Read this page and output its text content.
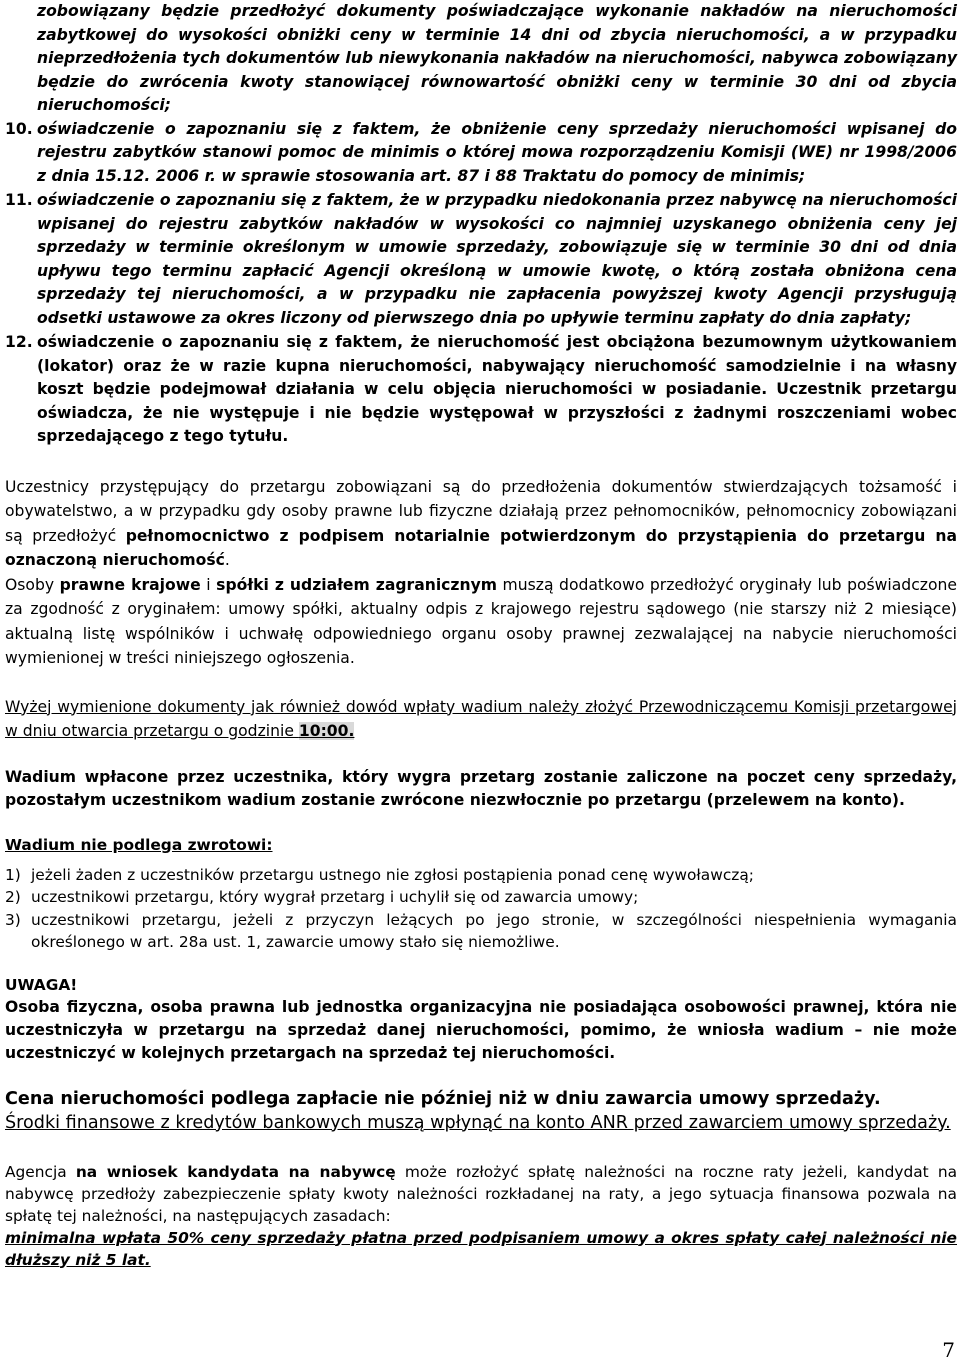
zobowiązany będzie przedłożyć dokumenty poświadczające wykonanie nakładów na nieruchomości zabytkowej do wysokości obniżki ceny w terminie 14 dni od zbycia nieruchomości, a w przypadku nieprzedłożenia tych dokumentów lub niewykonania nakładów na nieruchomości, nabywca zobowiązany będzie do zwrócenia kwoty stanowiącej równowartość obniżki ceny w terminie 30 dni od zbycia nieruchomości;

10. oświadczenie o zapoznaniu się z faktem, że obniżenie ceny sprzedaży nieruchomości wpisanej do rejestru zabytków stanowi pomoc de minimis o której mowa rozporządzeniu Komisji (WE) nr 1998/2006 z dnia 15.12. 2006 r. w sprawie stosowania art. 87 i 88 Traktatu do pomocy de minimis;
11. oświadczenie o zapoznaniu się z faktem, że w przypadku niedokonania przez nabywcę na nieruchomości wpisanej do rejestru zabytków nakładów w wysokości co najmniej uzyskanego obniżenia ceny jej sprzedaży w terminie określonym w umowie sprzedaży, zobowiązuje się w terminie 30 dni od dnia upływu tego terminu zapłacić Agencji określoną w umowie kwotę, o którą została obniżona cena sprzedaży tej nieruchomości, a w przypadku nie zapłacenia powyższej kwoty Agencji przysługują odsetki ustawowe za okres liczony od pierwszego dnia po upływie terminu zapłaty do dnia zapłaty;
12. oświadczenie o zapoznaniu się z faktem, że nieruchomość jest obciążona bezumownym użytkowaniem (lokator) oraz że w razie kupna nieruchomości, nabywający nieruchomość samodzielnie i na własny koszt będzie podejmował działania w celu objęcia nieruchomości w posiadanie. Uczestnik przetargu oświadcza, że nie występuje i nie będzie występował w przyszłości z żadnymi roszczeniami wobec sprzedającego z tego tytułu.

Uczestnicy przystępujący do przetargu zobowiązani są do przedłożenia dokumentów stwierdzających tożsamość i obywatelstwo, a w przypadku gdy osoby prawne lub fizyczne działają przez pełnomocników, pełnomocnicy zobowiązani są przedłożyć pełnomocnictwo z podpisem notarialnie potwierdzonym do przystąpienia do przetargu na oznaczoną nieruchomość.

Osoby prawne krajowe i spółki z udziałem zagranicznym muszą dodatkowo przedłożyć oryginały lub poświadczone za zgodność z oryginałem: umowy spółki, aktualny odpis z krajowego rejestru sądowego (nie starszy niż 2 miesiące) aktualną listę wspólników i uchwałę odpowiedniego organu osoby prawnej zezwalającej na nabycie nieruchomości wymienionej w treści niniejszego ogłoszenia.

Wyżej wymienione dokumenty jak również dowód wpłaty wadium należy złożyć Przewodniczącemu Komisji przetargowej w dniu otwarcia przetargu o godzinie 10:00.

Wadium wpłacone przez uczestnika, który wygra przetarg zostanie zaliczone na poczet ceny sprzedaży, pozostałym uczestnikom wadium zostanie zwrócone niezwłocznie po przetargu (przelewem na konto).

Wadium nie podlega zwrotowi:

1) jeżeli żaden z uczestników przetargu ustnego nie zgłosi postąpienia ponad cenę wywoławczą;
2) uczestnikowi przetargu, który wygrał przetarg i uchylił się od zawarcia umowy;
3) uczestnikowi przetargu, jeżeli z przyczyn leżących po jego stronie, w szczególności niespełnienia wymagania określonego w art. 28a ust. 1, zawarcie umowy stało się niemożliwe.

UWAGA!

Osoba fizyczna, osoba prawna lub jednostka organizacyjna nie posiadająca osobowości prawnej, która nie uczestniczyła w przetargu na sprzedaż danej nieruchomości, pomimo, że wniosła wadium – nie może uczestniczyć w kolejnych przetargach na sprzedaż tej nieruchomości.

Cena nieruchomości podlega zapłacie nie później niż w dniu zawarcia umowy sprzedaży.

Środki finansowe z kredytów bankowych muszą wpłynąć na konto ANR przed zawarciem umowy sprzedaży.

Agencja na wniosek kandydata na nabywcę może rozłożyć spłatę należności na roczne raty jeżeli, kandydat na nabywcę przedłoży zabezpieczenie spłaty kwoty należności rozkładanej na raty, a jego sytuacja finansowa pozwala na spłatę tej należności, na następujących zasadach:

minimalna wpłata 50% ceny sprzedaży płatna przed podpisaniem umowy a okres spłaty całej należności nie dłuższy niż 5 lat.

7
